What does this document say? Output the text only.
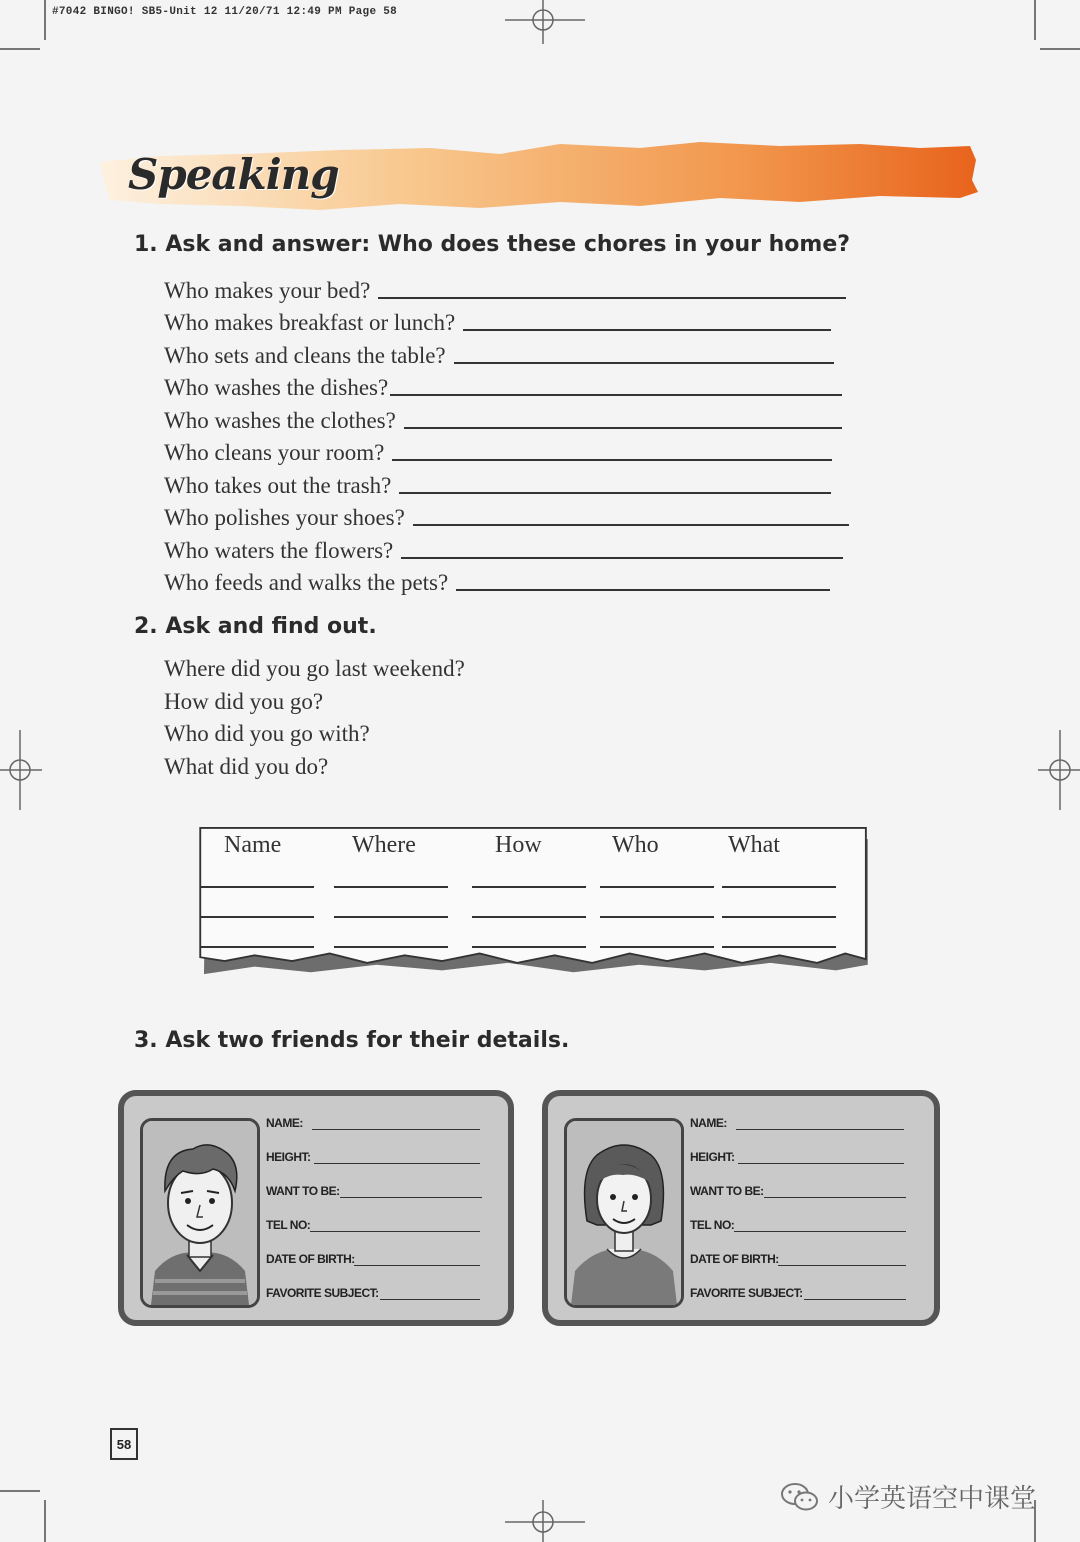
#7042 BINGO! SB5-Unit 12 11/20/71 12:49 PM Page 58
Speaking
1. Ask and answer: Who does these chores in your home?
Who makes your bed?
Who makes breakfast or lunch?
Who sets and cleans the table?
Who washes the dishes?
Who washes the clothes?
Who cleans your room?
Who takes out the trash?
Who polishes your shoes?
Who waters the flowers?
Who feeds and walks the pets?
2. Ask and find out.
Where did you go last weekend?
How did you go?
Who did you go with?
What did you do?
Name	Where	How	Who	What
3. Ask two friends for their details.
NAME:
HEIGHT:
WANT TO BE:
TEL NO:
DATE OF BIRTH:
FAVORITE SUBJECT:
NAME:
HEIGHT:
WANT TO BE:
TEL NO:
DATE OF BIRTH:
FAVORITE SUBJECT:
58
小学英语空中课堂
